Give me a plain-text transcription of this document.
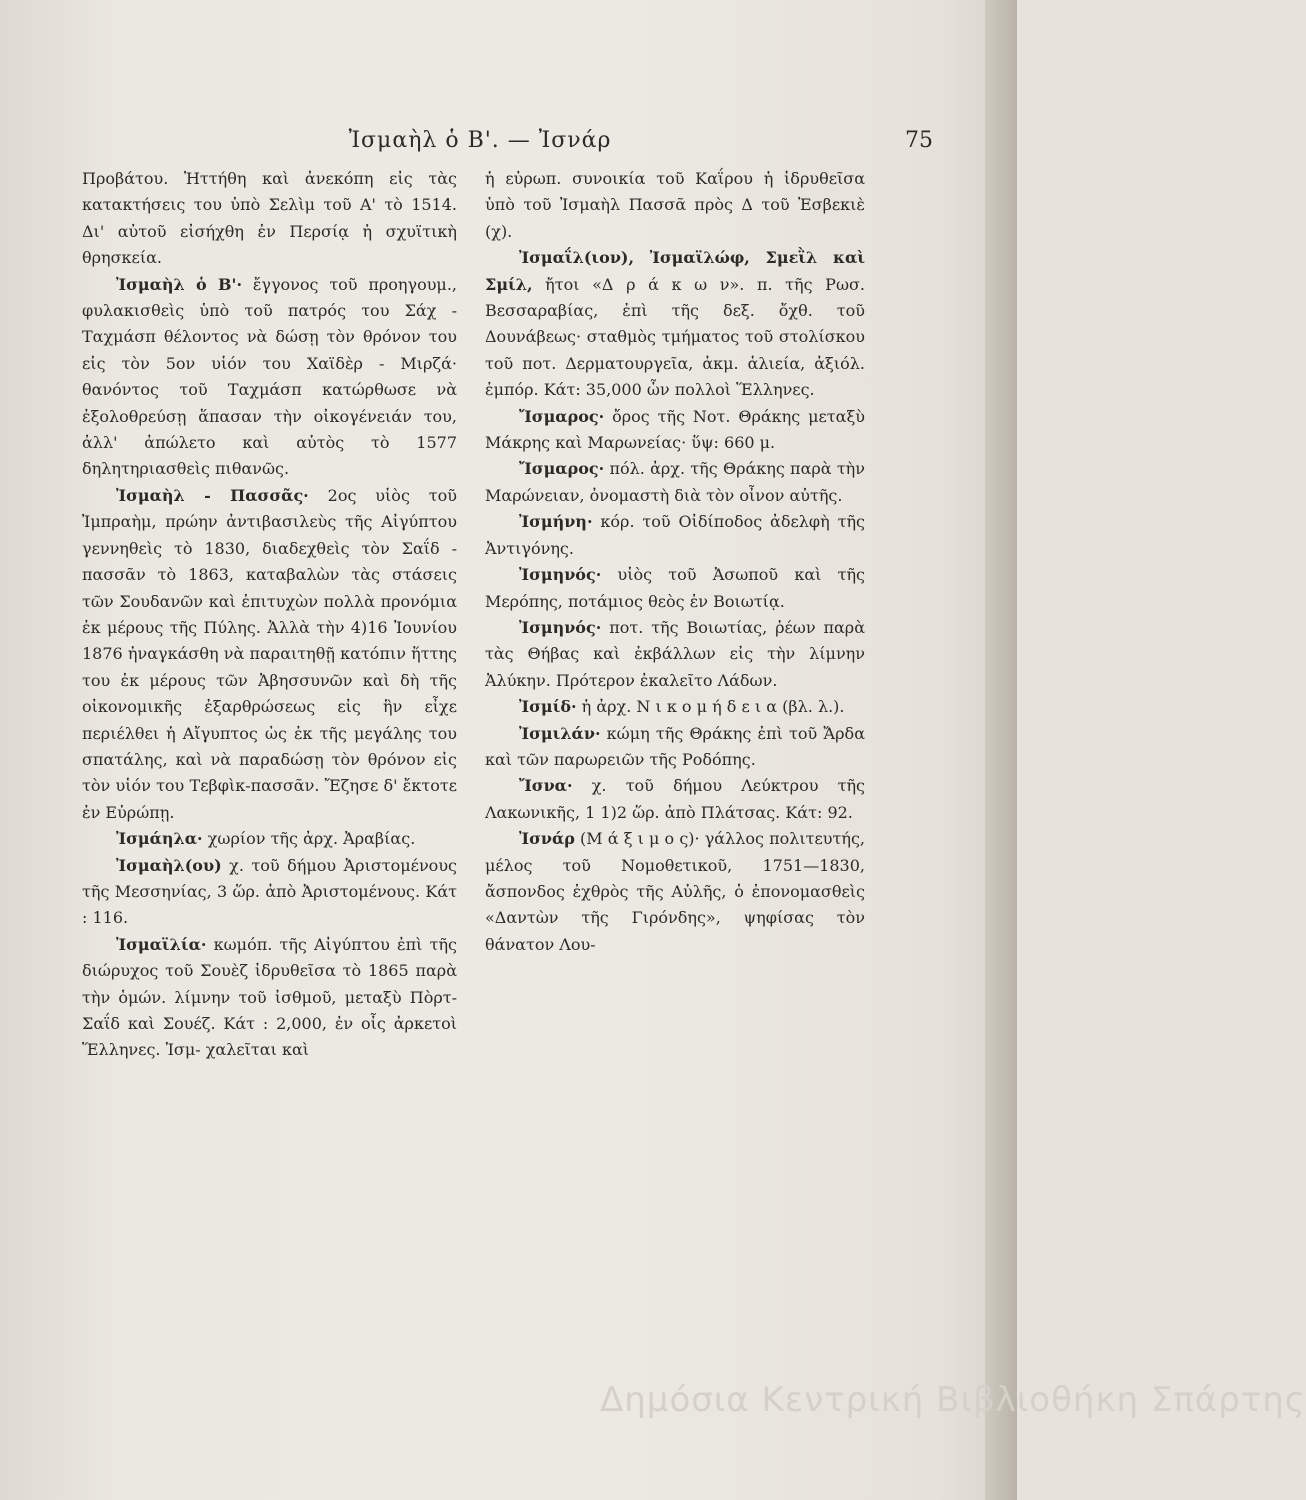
Ἰσμαὴλ ὁ Β'. — Ἰσνάρ	75

Προβάτου. Ἡττήθη καὶ ἀνεκόπη εἰς τὰς κατακτήσεις του ὑπὸ Σελὶμ τοῦ Α' τὸ 1514. Δι' αὐτοῦ εἰσήχθη ἐν Περσίᾳ ἡ σχυϊτικὴ θρησκεία.

Ἰσμαὴλ ὁ Β'· ἔγγονος τοῦ προηγουμ., φυλακισθεὶς ὑπὸ τοῦ πατρός του Σάχ - Ταχμάσπ θέλοντος νὰ δώσῃ τὸν θρόνον του εἰς τὸν 5ον υἱόν του Χαϊδὲρ - Μιρζά· θανόντος τοῦ Ταχμάσπ κατώρθωσε νὰ ἐξολοθρεύσῃ ἅπασαν τὴν οἰκογένειάν του, ἀλλ' ἀπώλετο καὶ αὐτὸς τὸ 1577 δηλητηριασθεὶς πιθανῶς.

Ἰσμαὴλ - Πασσᾶς· 2ος υἱὸς τοῦ Ἰμπραὴμ, πρώην ἀντιβασιλεὺς τῆς Αἰγύπτου γεννηθεὶς τὸ 1830, διαδεχθεὶς τὸν Σαΐδ - πασσᾶν τὸ 1863, καταβαλὼν τὰς στάσεις τῶν Σουδανῶν καὶ ἐπιτυχὼν πολλὰ προνόμια ἐκ μέρους τῆς Πύλης. Ἀλλὰ τὴν 4)16 Ἰουνίου 1876 ἠναγκάσθη νὰ παραιτηθῇ κατόπιν ἥττης του ἐκ μέρους τῶν Ἀβησσυνῶν καὶ δὴ τῆς οἰκονομικῆς ἐξαρθρώσεως εἰς ἣν εἶχε περιέλθει ἡ Αἴγυπτος ὡς ἐκ τῆς μεγάλης του σπατάλης, καὶ νὰ παραδώσῃ τὸν θρόνον εἰς τὸν υἱόν του Τεβφὶκ-πασσᾶν. Ἔζησε δ' ἔκτοτε ἐν Εὐρώπῃ.

Ἰσμάηλα· χωρίον τῆς ἀρχ. Ἀραβίας.

Ἰσμαὴλ(ου) χ. τοῦ δήμου Ἀριστομένους τῆς Μεσσηνίας, 3 ὥρ. ἀπὸ Ἀριστομένους. Κάτ : 116.

Ἰσμαϊλία· κωμόπ. τῆς Αἰγύπτου ἐπὶ τῆς διώρυχος τοῦ Σουὲζ ἱδρυθεῖσα τὸ 1865 παρὰ τὴν ὁμών. λίμνην τοῦ ἰσθμοῦ, μεταξὺ Πὸρτ-Σαΐδ καὶ Σουέζ. Κάτ : 2,000, ἐν οἷς ἀρκετοὶ Ἕλληνες. Ἰσμ- χαλεῖται καὶ

ἡ εὐρωπ. συνοικία τοῦ Καΐρου ἡ ἱδρυθεῖσα ὑπὸ τοῦ Ἰσμαὴλ Πασσᾶ πρὸς Δ τοῦ Ἐσβεκιὲ (χ).

Ἰσμαΐλ(ιον), Ἰσμαϊλώφ, Σμεῒλ καὶ Σμίλ, ἤτοι «Δ ρ ά κ ω ν». π. τῆς Ρωσ. Βεσσαραβίας, ἐπὶ τῆς δεξ. ὄχθ. τοῦ Δουνάβεως· σταθμὸς τμήματος τοῦ στολίσκου τοῦ ποτ. Δερματουργεῖα, ἀκμ. ἁλιεία, ἀξιόλ. ἐμπόρ. Κάτ: 35,000 ὧν πολλοὶ Ἕλληνες.

Ἴσμαρος· ὄρος τῆς Νοτ. Θράκης μεταξὺ Μάκρης καὶ Μαρωνείας· ὕψ: 660 μ.

Ἴσμαρος· πόλ. ἀρχ. τῆς Θράκης παρὰ τὴν Μαρώνειαν, ὀνομαστὴ διὰ τὸν οἶνον αὐτῆς.

Ἰσμήνη· κόρ. τοῦ Οἰδίποδος ἀδελφὴ τῆς Ἀντιγόνης.

Ἰσμηνός· υἱὸς τοῦ Ἀσωποῦ καὶ τῆς Μερόπης, ποτάμιος θεὸς ἐν Βοιωτίᾳ.

Ἰσμηνός· ποτ. τῆς Βοιωτίας, ῥέων παρὰ τὰς Θήβας καὶ ἐκβάλλων εἰς τὴν λίμνην Ἀλύκην. Πρότερον ἐκαλεῖτο Λάδων.

Ἰσμίδ· ἡ ἀρχ. Ν ι κ ο μ ή δ ε ι α (βλ. λ.).

Ἰσμιλάν· κώμη τῆς Θράκης ἐπὶ τοῦ Ἄρδα καὶ τῶν παρωρειῶν τῆς Ροδόπης.

Ἴσνα· χ. τοῦ δήμου Λεύκτρου τῆς Λακωνικῆς, 1 1)2 ὥρ. ἀπὸ Πλάτσας. Κάτ: 92.

Ἰσνάρ (Μ ά ξ ι μ ο ς)· γάλλος πολιτευτής, μέλος τοῦ Νομοθετικοῦ, 1751—1830, ἄσπονδος ἐχθρὸς τῆς Αὐλῆς, ὁ ἐπονομασθεὶς «Δαντὼν τῆς Γιρόνδης», ψηφίσας τὸν θάνατον Λου-

Δημόσια Κεντρική Βιβλιοθήκη Σπάρτης
